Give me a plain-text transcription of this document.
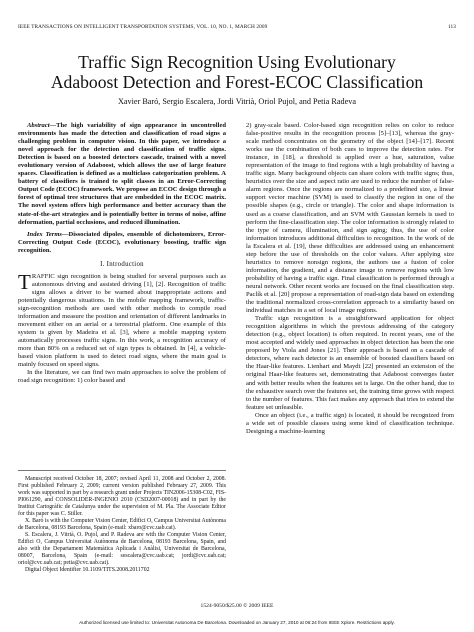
IEEE TRANSACTIONS ON INTELLIGENT TRANSPORTATION SYSTEMS, VOL. 10, NO. 1, MARCH 2009	113
Traffic Sign Recognition Using Evolutionary
Adaboost Detection and Forest-ECOC Classification
Xavier Baró, Sergio Escalera, Jordi Vitrià, Oriol Pujol, and Petia Radeva

Abstract—The high variability of sign appearance in uncontrolled environments has made the detection and classification of road signs a challenging problem in computer vision. In this paper, we introduce a novel approach for the detection and classification of traffic signs. Detection is based on a boosted detectors cascade, trained with a novel evolutionary version of Adaboost, which allows the use of large feature spaces. Classification is defined as a multiclass categorization problem. A battery of classifiers is trained to split classes in an Error-Correcting Output Code (ECOC) framework. We propose an ECOC design through a forest of optimal tree structures that are embedded in the ECOC matrix. The novel system offers high performance and better accuracy than the state-of-the-art strategies and is potentially better in terms of noise, affine deformation, partial occlusions, and reduced illumination.

Index Terms—Dissociated dipoles, ensemble of dichotomizers, Error-Correcting Output Code (ECOC), evolutionary boosting, traffic sign recognition.

I. Introduction

TRAFFIC sign recognition is being studied for several purposes such as autonomous driving and assisted driving [1], [2]. Recognition of traffic signs allows a driver to be warned about inappropriate actions and potentially dangerous situations. In the mobile mapping framework, traffic-sign-recognition methods are used with other methods to compile road information and measure the position and orientation of different landmarks in movement either on an aerial or a terrestrial platform. One example of this system is given by Madeira et al. [3], where a mobile mapping system automatically processes traffic signs. In this work, a recognition accuracy of more than 80% on a reduced set of sign types is obtained. In [4], a vehicle-based vision platform is used to detect road signs, where the main goal is mainly focused on speed signs.

In the literature, we can find two main approaches to solve the problem of road sign recognition: 1) color based and

Manuscript received October 18, 2007; revised April 11, 2008 and October 2, 2008. First published February 2, 2009; current version published February 27, 2009. This work was supported in part by a research grant under Projects TIN2006-15308-C02, FIS-PI061290, and CONSOLIDER-INGENIO 2010 (CSD2007-00018) and in part by the Institut Cartogràfic de Catalunya under the supervision of M. Pla. The Associate Editor for this paper was C. Stiller.

X. Baró is with the Computer Vision Center, Edifici O, Campus Universitat Autònoma de Barcelona, 08193 Barcelona, Spain (e-mail: xbaro@cvc.uab.cat).

S. Escalera, J. Vitrià, O. Pujol, and P. Radeva are with the Computer Vision Center, Edifici O, Campus Universitat Autònoma de Barcelona, 08193 Barcelona, Spain, and also with the Departament Matemàtica Aplicada i Anàlisi, Universitat de Barcelona, 08007, Barcelona, Spain (e-mail: sescalera@cvc.uab.cat; jordi@cvc.uab.cat; oriol@cvc.uab.cat; petia@cvc.uab.cat).

Digital Object Identifier 10.1109/TITS.2008.2011702

2) gray-scale based. Color-based sign recognition relies on color to reduce false-positive results in the recognition process [5]–[13], whereas the gray-scale method concentrates on the geometry of the object [14]–[17]. Recent works use the combination of both cues to improve the detection rates. For instance, in [18], a threshold is applied over a hue, saturation, value representation of the image to find regions with a high probability of having a traffic sign. Many background objects can share colors with traffic signs; thus, heuristics over the size and aspect ratio are used to reduce the number of false-alarm regions. Once the regions are normalized to a predefined size, a linear support vector machine (SVM) is used to classify the region in one of the possible shapes (e.g., circle or triangle). The color and shape information is used as a coarse classification, and an SVM with Gaussian kernels is used to perform the fine-classification step. The color information is strongly related to the type of camera, illumination, and sign aging; thus, the use of color information introduces additional difficulties to recognition. In the work of de la Escalera et al. [19], these difficulties are addressed using an enhancement step before the use of thresholds on the color values. After applying size heuristics to remove nonsign regions, the authors use a fusion of color information, the gradient, and a distance image to remove regions with low probability of having a traffic sign. Final classification is performed through a neural network. Other recent works are focused on the final classification step. Paclík et al. [20] propose a representation of road-sign data based on extending the traditional normalized cross-correlation approach to a similarity based on individual matches in a set of local image regions.

Traffic sign recognition is a straightforward application for object recognition algorithms in which the previous addressing of the category detection (e.g., object location) is often required. In recent years, one of the most accepted and widely used approaches in object detection has been the one proposed by Viola and Jones [21]. Their approach is based on a cascade of detectors, where each detector is an ensemble of boosted classifiers based on the Haar-like features. Lienhart and Maydt [22] presented an extension of the original Haar-like features set, demonstrating that Adaboost converges faster and with better results when the features set is large. On the other hand, due to the exhaustive search over the features set, the training time grows with respect to the number of features. This fact makes any approach that tries to extend the feature set unfeasible.

Once an object (i.e., a traffic sign) is located, it should be recognized from a wide set of possible classes using some kind of classification technique. Designing a machine-learning

1524-9050/$25.00 © 2009 IEEE
Authorized licensed use limited to: Universitat Autonoma De Barcelona. Downloaded on January 27, 2010 at 06:24 from IEEE Xplore. Restrictions apply.
